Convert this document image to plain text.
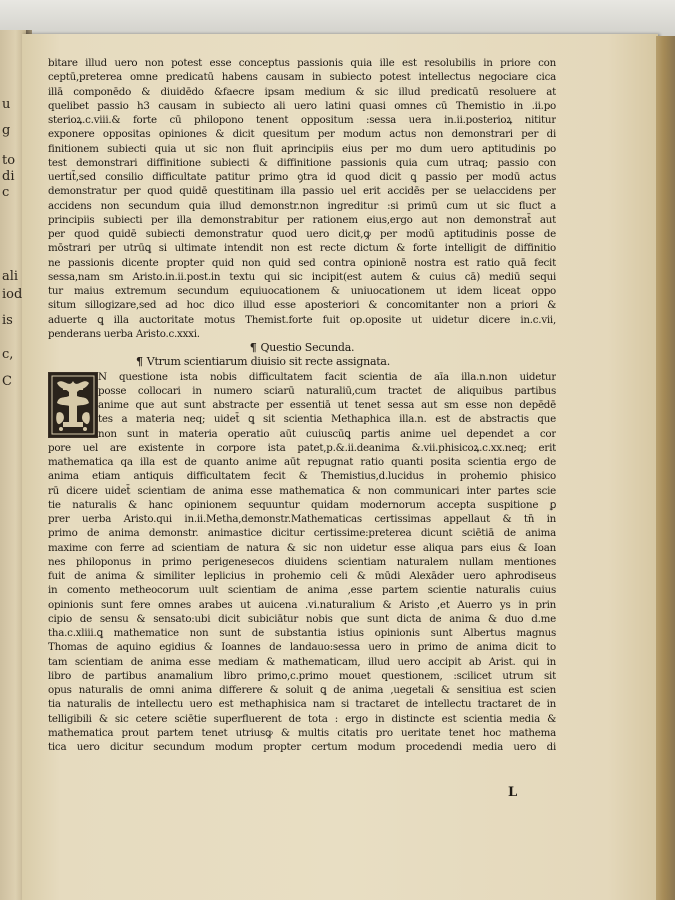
u
g
to
di
c
ali
iod
is
c,
C
bitare illud uero non potest esse conceptus passionis quia ille est resolubilis in priore con
ceptū,preterea omne predicatū habens causam in subiecto potest intellectus negociare cica
illā componēdo & diuidēdo &faecre ipsam medium & sic illud predicatū resoluere at
quelibet passio h3 causam in subiecto ali uero latini quasi omnes cū Themistio in .ii.po
sterioꝝ.c.viii.& forte cū philopono tenent oppositum :sessa uera in.ii.posterioꝝ nititur
exponere oppositas opiniones & dicit quesitum per modum actus non demonstrari per di
finitionem subiecti quia ut sic non fluit aprincipiis eius per mo dum uero aptitudinis po
test demonstrari diffinitione subiecti & diffinitione passionis quia cum utraq; passio con
uertit̄,sed consilio difficultate patitur primo ꝯtra id quod dicit ꝗ passio per modū actus
demonstratur per quod quidē questitinam illa passio uel erit accidēs per se uelaccidens per
accidens non secundum quia illud demonstr.non ingreditur :si primū cum ut sic fluct a
principiis subiecti per illa demonstrabitur per rationem eius,ergo aut non demonstrat̄ aut
per quod quidē subiecti demonstratur quod uero dicit,ꝙ per modū aptitudinis posse de
mōstrari per utrūꝗ si ultimate intendit non est recte dictum & forte intelligit de diffinitio
ne passionis dicente propter quid non quid sed contra opinionē nostra est ratio quā fecit
sessa,nam sm Aristo.in.ii.post.in textu qui sic incipit(est autem & cuius cā) mediū sequi
tur maius extremum secundum equiuocationem & uniuocationem ut idem liceat oppo
situm sillogizare,sed ad hoc dico illud esse aposteriori & concomitanter non a priori &
aduerte ꝗ illa auctoritate motus Themist.forte fuit op.oposite ut uidetur dicere in.c.vii,
penderans uerba Aristo.c.xxxi.
¶ Questio Secunda.
¶ Vtrum scientiarum diuisio sit recte assignata.
N questione ista nobis difficultatem facit scientia de aīa illa.n.non uidetur
posse collocari in numero sciarū naturaliū,cum tractet de aliquibus partibus
anime que aut sunt abstracte per essentiā ut tenet sessa aut sm esse non depēdē
tes a materia neq; uidet̄ ꝗ sit scientia Methaphica illa.n. est de abstractis que
non sunt in materia operatio aūt cuiuscūꝗ partis anime uel dependet a cor
pore uel are existente in corpore ista patet,p.&.ii.deanima &.vii.phisicoꝝ.c.xx.neq; erit
mathematica qa illa est de quanto anime aūt repugnat ratio quanti posita scientia ergo de
anima etiam antiquis difficultatem fecit & Themistius,d.lucidus in prohemio phisico
rū dicere uidet̄ scientiam de anima esse mathematica & non communicari inter partes scie
tie naturalis & hanc opinionem sequuntur quidam modernorum accepta suspitione ꝑ
prer uerba Aristo.qui in.ii.Metha,demonstr.Mathematicas certissimas appellaut & tn̄ in
primo de anima demonstr. animastice dicitur certissime:preterea dicunt sciētiā de anima
maxime con ferre ad scientiam de natura & sic non uidetur esse aliqua pars eius & Ioan
nes philoponus in primo perigenesecos diuidens scientiam naturalem nullam mentiones
fuit de anima & similiter leplicius in prohemio celi & mūdi Alexāder uero aphrodiseus
in comento metheocorum uult scientiam de anima ,esse partem scientie naturalis cuius
opinionis sunt fere omnes arabes ut auicena .vi.naturalium & Aristo ,et Auerro ys in prin
cipio de sensu & sensato:ubi dicit subiciātur nobis que sunt dicta de anima & duo d.me
tha.c.xliii.ꝗ mathematice non sunt de substantia istius opinionis sunt Albertus magnus
Thomas de aquino egidius & Ioannes de landauo:sessa uero in primo de anima dicit to
tam scientiam de anima esse mediam & mathematicam, illud uero accipit ab Arist. qui in
libro de partibus anamalium libro primo,c.primo mouet questionem, :scilicet utrum sit
opus naturalis de omni anima differere & soluit ꝗ de anima ,uegetali & sensitiua est scien
tia naturalis de intellectu uero est methaphisica nam si tractaret de intellectu tractaret de in
telligibili & sic cetere sciētie superfluerent de tota : ergo in distincte est scientia media &
mathematica prout partem tenet utriusꝙ & multis citatis pro ueritate tenet hoc mathema
tica uero dicitur secundum modum propter certum modum procedendi media uero di
L
